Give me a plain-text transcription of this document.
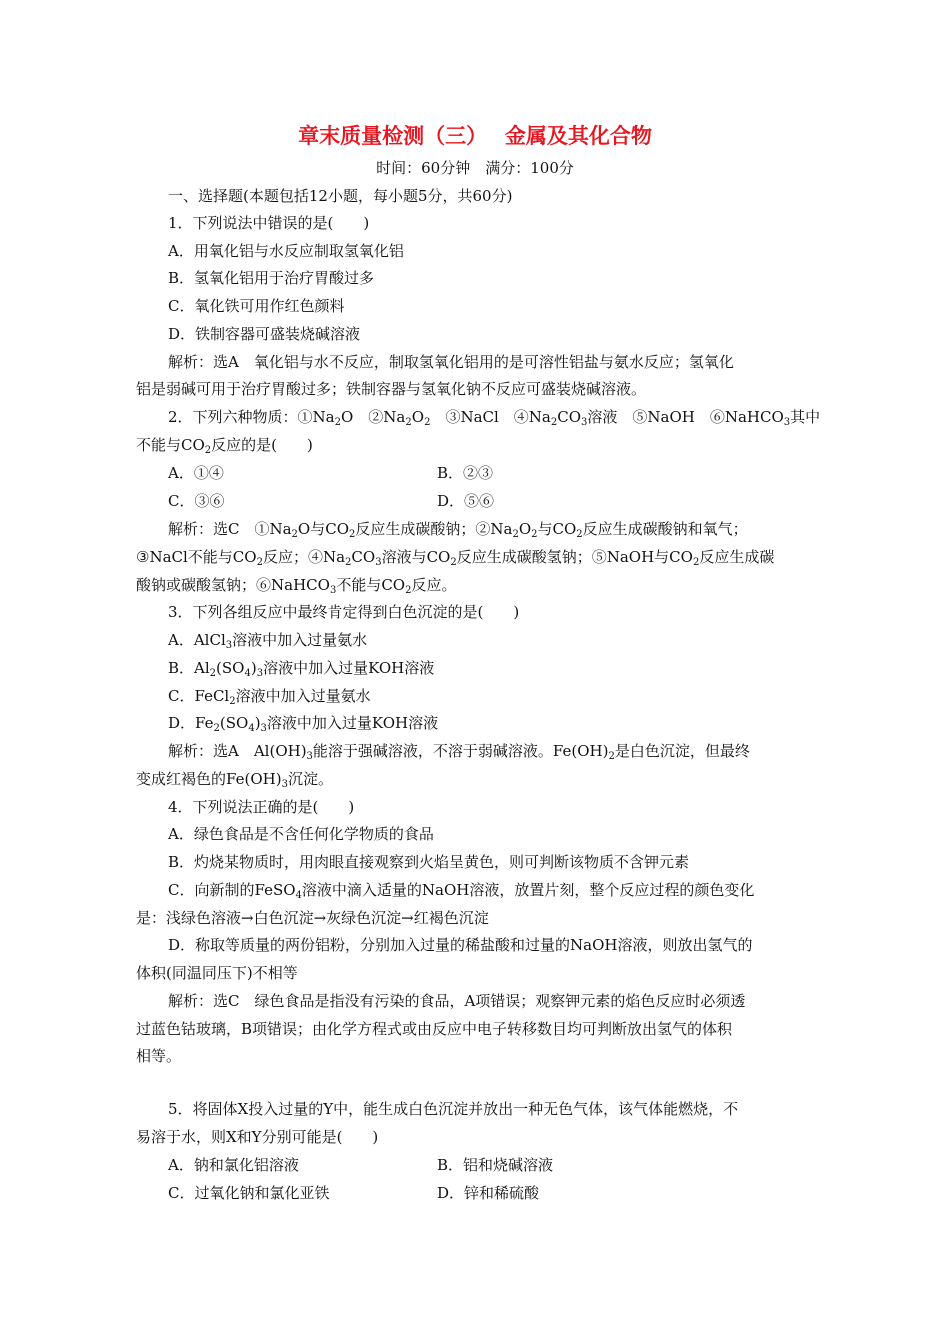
章末质量检测（三）　 金属及其化合物
时间：60分钟　满分：100分
一、选择题(本题包括12小题，每小题5分，共60分)
1．下列说法中错误的是(　　)
A．用氧化铝与水反应制取氢氧化铝
B．氢氧化铝用于治疗胃酸过多
C．氧化铁可用作红色颜料
D．铁制容器可盛装烧碱溶液
解析：选A　氧化铝与水不反应，制取氢氧化铝用的是可溶性铝盐与氨水反应；氢氧化
铝是弱碱可用于治疗胃酸过多；铁制容器与氢氧化钠不反应可盛装烧碱溶液。
2．下列六种物质：$①Na_2O$　$②Na_2O_2$　③NaCl　$④Na_2CO_3$溶液　⑤NaOH　⑥NaHCO$_3$其中
不能与$CO_2$反应的是(　　)
A．①④	B．②③
C．③⑥	D．⑤⑥
解析：选C　$①Na_2O$与$CO_2$反应生成碳酸钠；$②Na_2O_2$与$CO_2$反应生成碳酸钠和氧气；
③NaCl不能与$CO_2$反应；$④Na_2CO_3$溶液与$CO_2$反应生成碳酸氢钠；⑤NaOH与$CO_2$反应生成碳
酸钠或碳酸氢钠；⑥NaHCO$_3$不能与$CO_2$反应。
3．下列各组反应中最终肯定得到白色沉淀的是(　　)
A．AlCl$_3$溶液中加入过量氨水
B．$Al_2(SO_4)_3$溶液中加入过量KOH溶液
C．FeCl$_2$溶液中加入过量氨水
D．$Fe_2(SO_4)_3$溶液中加入过量KOH溶液
解析：选A　$Al(OH)_3$能溶于强碱溶液，不溶于弱碱溶液。$Fe(OH)_2$是白色沉淀，但最终
变成红褐色的$Fe(OH)_3$沉淀。
4．下列说法正确的是(　　)
A．绿色食品是不含任何化学物质的食品
B．灼烧某物质时，用肉眼直接观察到火焰呈黄色，则可判断该物质不含钾元素
C．向新制的FeSO$_4$溶液中滴入适量的NaOH溶液，放置片刻，整个反应过程的颜色变化
是：浅绿色溶液→白色沉淀→灰绿色沉淀→红褐色沉淀
D．称取等质量的两份铝粉，分别加入过量的稀盐酸和过量的NaOH溶液，则放出氢气的
体积(同温同压下)不相等
解析：选C　绿色食品是指没有污染的食品，A项错误；观察钾元素的焰色反应时必须透
过蓝色钴玻璃，B项错误；由化学方程式或由反应中电子转移数目均可判断放出氢气的体积
相等。
5．将固体X投入过量的Y中，能生成白色沉淀并放出一种无色气体，该气体能燃烧，不
易溶于水，则X和Y分别可能是(　　)
A．钠和氯化铝溶液	B．铝和烧碱溶液
C．过氧化钠和氯化亚铁	D．锌和稀硫酸
